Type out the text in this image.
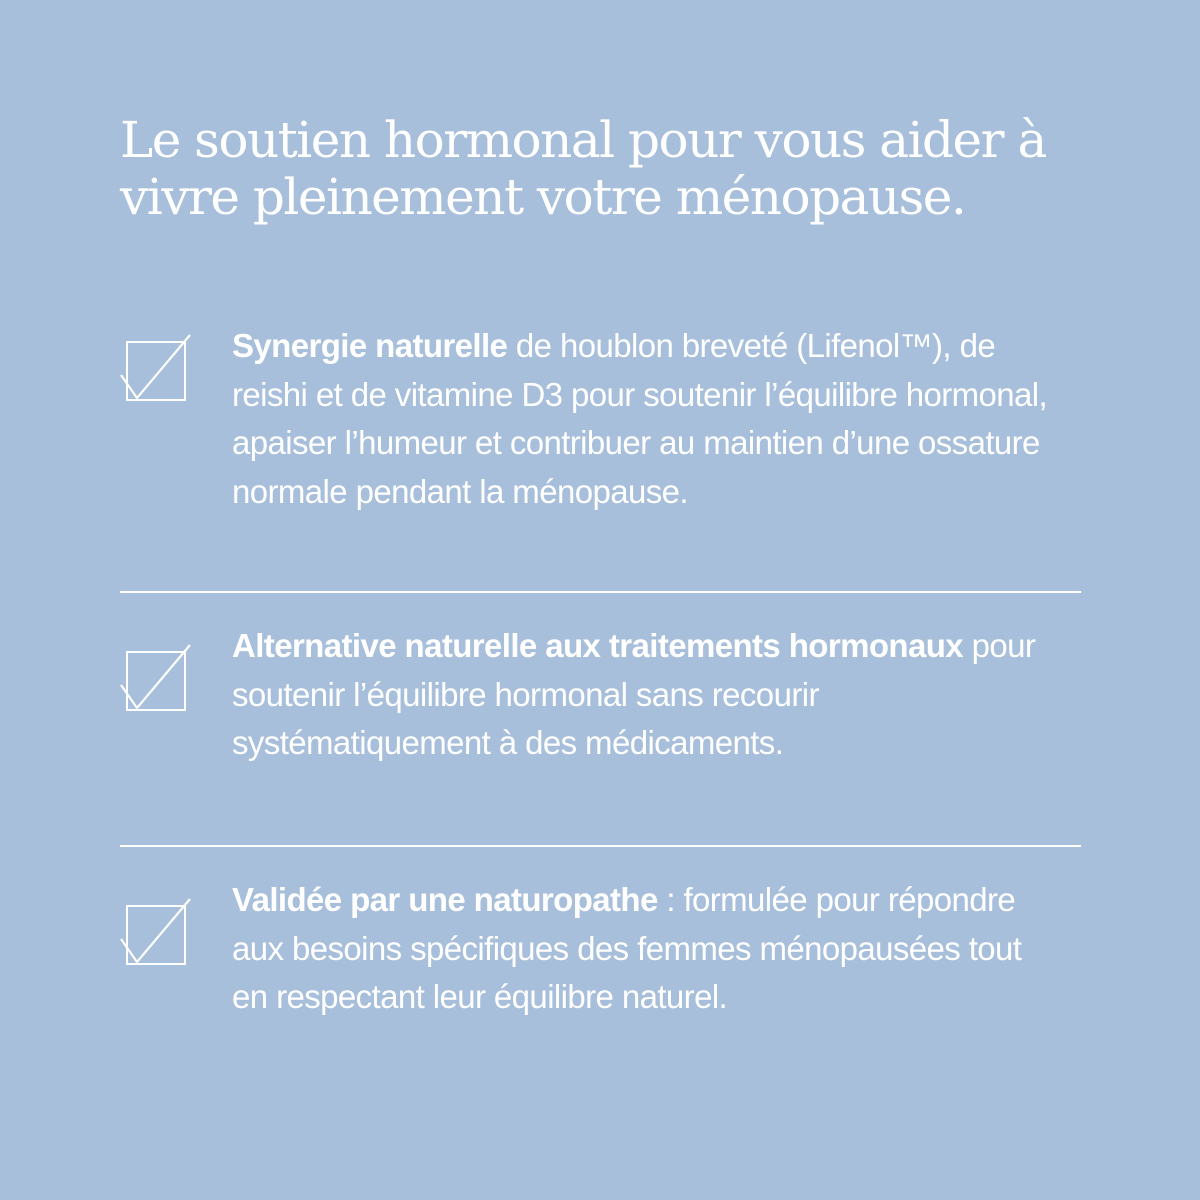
Le soutien hormonal pour vous aider à
vivre pleinement votre ménopause.

Synergie naturelle de houblon breveté (Lifenol™), de reishi et de vitamine D3 pour soutenir l’équilibre hormonal, apaiser l’humeur et contribuer au maintien d’une ossature normale pendant la ménopause.

Alternative naturelle aux traitements hormonaux pour soutenir l’équilibre hormonal sans recourir systématiquement à des médicaments.

Validée par une naturopathe : formulée pour répondre aux besoins spécifiques des femmes ménopausées tout en respectant leur équilibre naturel.
